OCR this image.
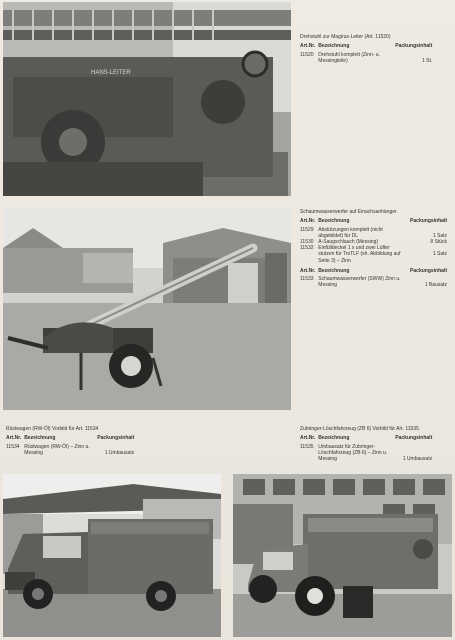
HANS-LEITER
Drehstuhl zur Magirus-Leiter (Art. 11520)
Art.Nr.	Bezeichnung	Packungsinhalt
11520	Drehstuhl komplett (Zinn- u. Messingteile)	1 St.
Schaumwasserwerfer auf Einachsanhänger
Art.Nr.	Bezeichnung	Packungsinhalt
11529	Abstützungen komplett (nicht abgebildet) für DL	1 Satz
11530	A-Saugschlauch (Messing)	8 Stück
11532	Einfülldeckel 1 x und zwei Lüfter stutzen für TroTLF (sh. Abbildung auf Seite 3) – Zinn	1 Satz

Art.Nr.	Bezeichnung	Packungsinhalt
11533	Schaumwasserwerfer (SWW) Zinn u. Messing	1 Bausatz
Rüstwagen (RW-Öl) Vorbild für Art. 11534
Art.Nr.	Bezeichnung	Packungsinhalt
11534	Rüstwagen (RW-Öl) – Zinn u. Messing	1 Umbausatz
Zubringer-Löschfahrzeug (ZB 6) Vorbild für Art. 11535
Art.Nr.	Bezeichnung	Packungsinhalt
11535	Umbausatz für Zubringer-Löschfahrzeug (ZB 6) – Zinn u. Messing	1 Umbausatz
